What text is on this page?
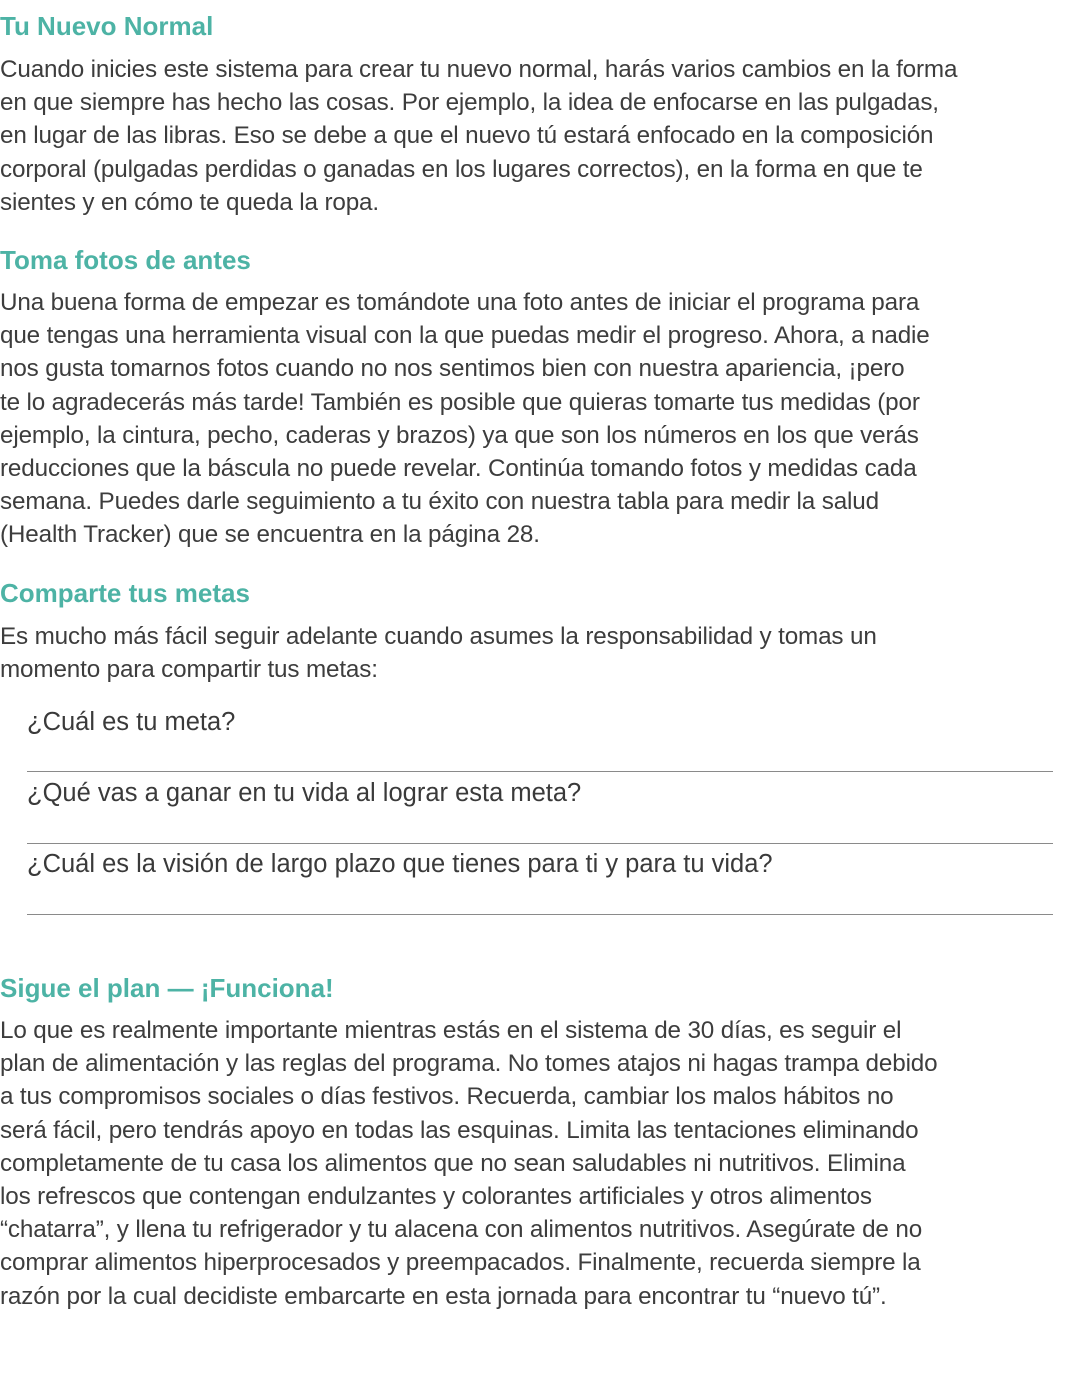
Tu Nuevo Normal
Cuando inicies este sistema para crear tu nuevo normal, harás varios cambios en la forma
en que siempre has hecho las cosas. Por ejemplo, la idea de enfocarse en las pulgadas,
en lugar de las libras. Eso se debe a que el nuevo tú estará enfocado en la composición
corporal (pulgadas perdidas o ganadas en los lugares correctos), en la forma en que te
sientes y en cómo te queda la ropa.
Toma fotos de antes
Una buena forma de empezar es tomándote una foto antes de iniciar el programa para
que tengas una herramienta visual con la que puedas medir el progreso. Ahora, a nadie
nos gusta tomarnos fotos cuando no nos sentimos bien con nuestra apariencia, ¡pero
te lo agradecerás más tarde! También es posible que quieras tomarte tus medidas (por
ejemplo, la cintura, pecho, caderas y brazos) ya que son los números en los que verás
reducciones que la báscula no puede revelar. Continúa tomando fotos y medidas cada
semana. Puedes darle seguimiento a tu éxito con nuestra tabla para medir la salud
(Health Tracker) que se encuentra en la página 28.
Comparte tus metas
Es mucho más fácil seguir adelante cuando asumes la responsabilidad y tomas un
momento para compartir tus metas:
¿Cuál es tu meta?
¿Qué vas a ganar en tu vida al lograr esta meta?
¿Cuál es la visión de largo plazo que tienes para ti y para tu vida?
Sigue el plan — ¡Funciona!
Lo que es realmente importante mientras estás en el sistema de 30 días, es seguir el
plan de alimentación y las reglas del programa. No tomes atajos ni hagas trampa debido
a tus compromisos sociales o días festivos. Recuerda, cambiar los malos hábitos no
será fácil, pero tendrás apoyo en todas las esquinas. Limita las tentaciones eliminando
completamente de tu casa los alimentos que no sean saludables ni nutritivos. Elimina
los refrescos que contengan endulzantes y colorantes artificiales y otros alimentos
“chatarra”, y llena tu refrigerador y tu alacena con alimentos nutritivos. Asegúrate de no
comprar alimentos hiperprocesados y preempacados. Finalmente, recuerda siempre la
razón por la cual decidiste embarcarte en esta jornada para encontrar tu “nuevo tú”.
